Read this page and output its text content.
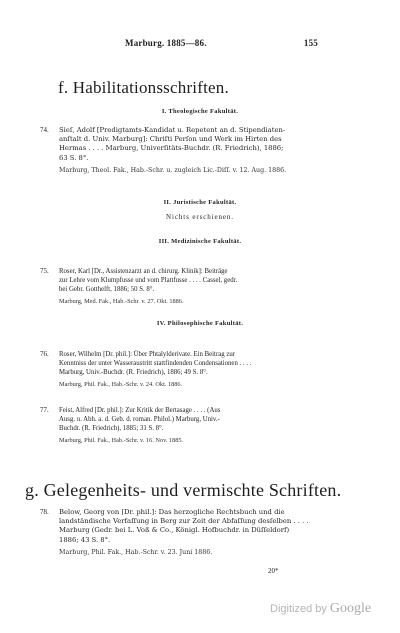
Marburg. 1885—86.	155
f. Habilitationsschriften.
I. Theologische Fakultät.
74. Sieſ, Adolf [Predigtamts-Kandidat u. Repetent an d. Stipendiaten-
anſtalt d. Univ. Marburg]: Chriſti Perſon und Werk im Hirten des
Hermas . . . . Marburg, Univerſitäts-Buchdr. (R. Friedrich), 1886;
63 S. 8°.
Marburg, Theol. Fak., Hab.-Schr. u. zugleich Lic.-Diſſ. v. 12. Aug. 1886.
II. Juristische Fakultät.
Nichts erschienen.
III. Medizinische Fakultät.
75. Roser, Karl [Dr., Assistenzarzt an d. chirurg. Klinik]: Beiträge
zur Lehre vom Klumpfusse und vom Plattfusse . . . . Cassel, gedr.
bei Gebr. Gotthelft, 1886; 50 S. 8°.
Marburg, Med. Fak., Hab.-Schr. v. 27. Okt. 1886.
IV. Philosophische Fakultät.
76. Roser, Wilhelm [Dr. phil.]: Über Phtalylderivate. Ein Beitrag zur
Kenntniss der unter Wasseraustritt stattfindenden Condensationen . . . .
Marburg, Univ.-Buchdr. (R. Friedrich), 1886; 49 S. 8°.
Marburg, Phil. Fak., Hab.-Schr. v. 24. Okt. 1886.
77. Feist, Alfred [Dr. phil.]: Zur Kritik der Bertasage . . . . (Aus
Ausg. u. Abh. a. d. Geb. d. roman. Philol.) Marburg, Univ.-
Buchdr. (R. Friedrich), 1885; 31 S. 8°.
Marburg, Phil. Fak., Hab.-Schr. v. 16. Nov. 1885.
g. Gelegenheits- und vermischte Schriften.
78. Below, Georg von [Dr. phil.]: Das herzogliche Rechtsbuch und die
landständische Verfaſſung in Berg zur Zeit der Abfaſſung desſelben . . . .
Marburg (Gedr. bei L. Voß & Co., Königl. Hofbuchdr. in Düſſeldorf)
1886; 43 S. 8°.
Marburg, Phil. Fak., Hab.-Schr. v. 23. Juni 1886.
20*
Digitized by Google
